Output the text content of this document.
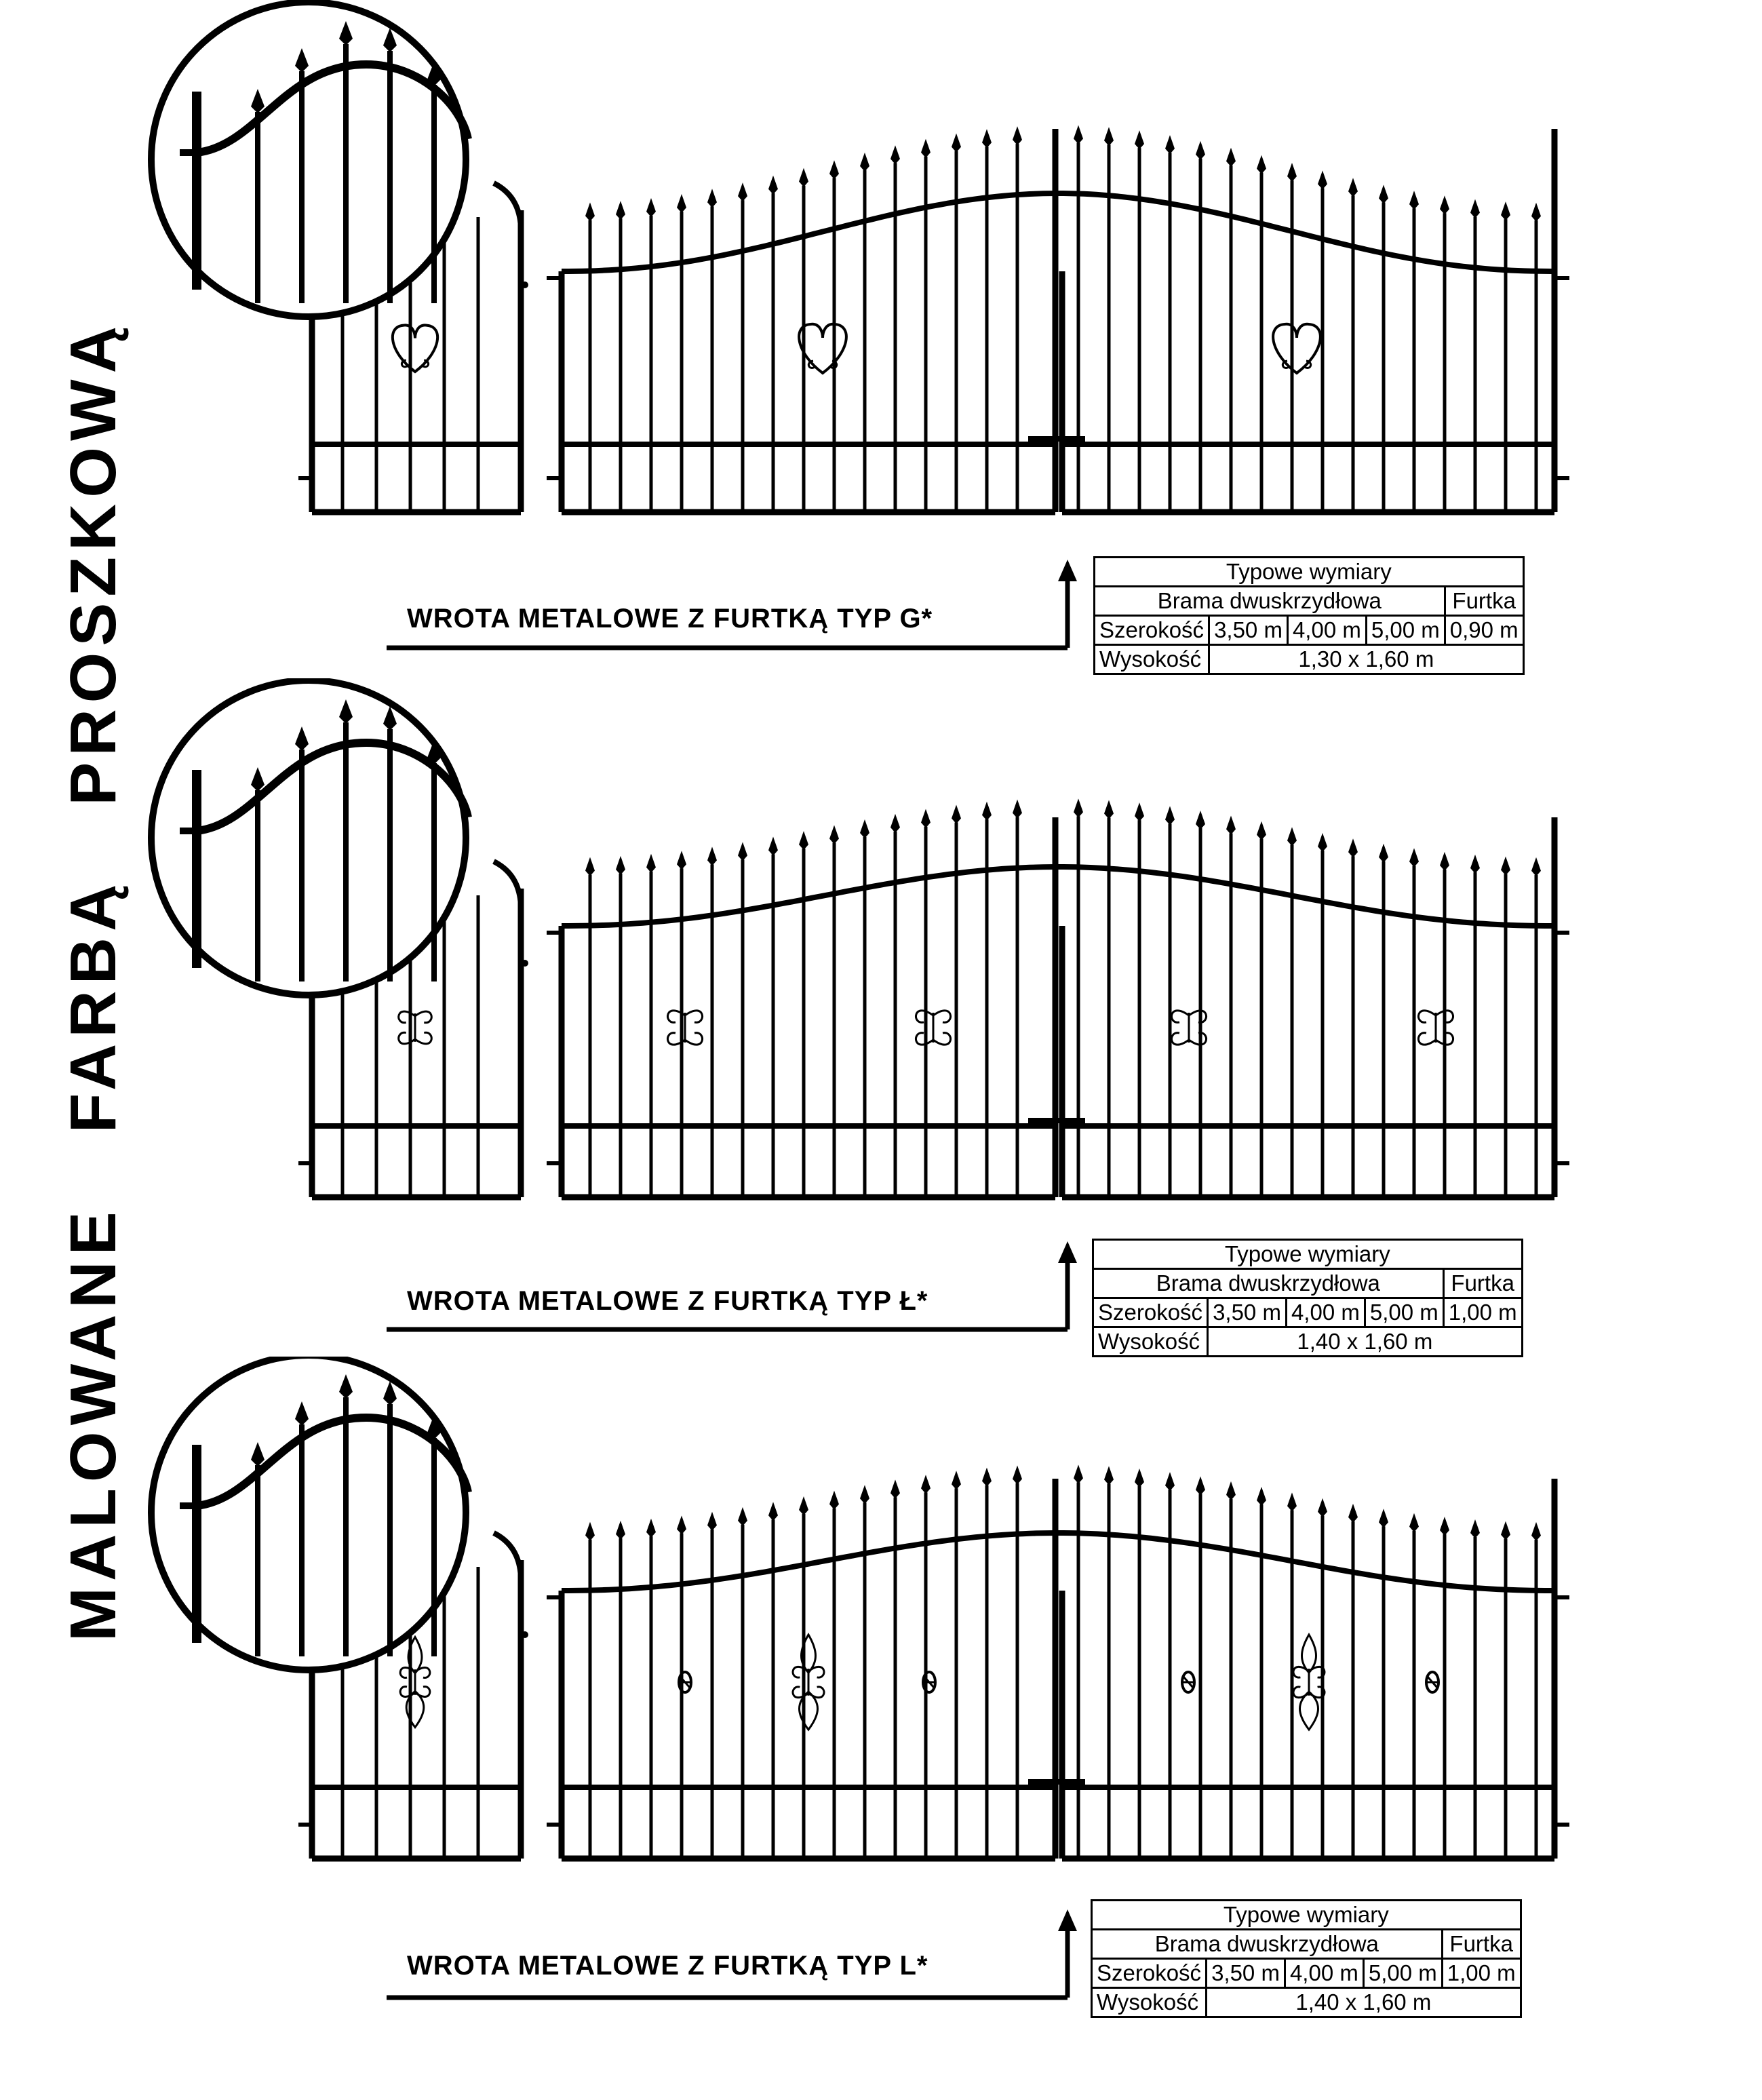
MALOWANE   FARBĄ   PROSZKOWĄ	WROTA METALOWE Z FURTKĄ TYP G*
Typowe wymiary				
Brama dwuskrzydłowa				Furtka
Szerokość	3,50 m	4,00 m	5,00 m	0,90 m
Wysokość	1,30 x 1,60 m			
WROTA METALOWE Z FURTKĄ TYP Ł*
Typowe wymiary				
Brama dwuskrzydłowa				Furtka
Szerokość	3,50 m	4,00 m	5,00 m	1,00 m
Wysokość	1,40 x 1,60 m			
WROTA METALOWE Z FURTKĄ TYP L*
Typowe wymiary				
Brama dwuskrzydłowa				Furtka
Szerokość	3,50 m	4,00 m	5,00 m	1,00 m
Wysokość	1,40 x 1,60 m			
